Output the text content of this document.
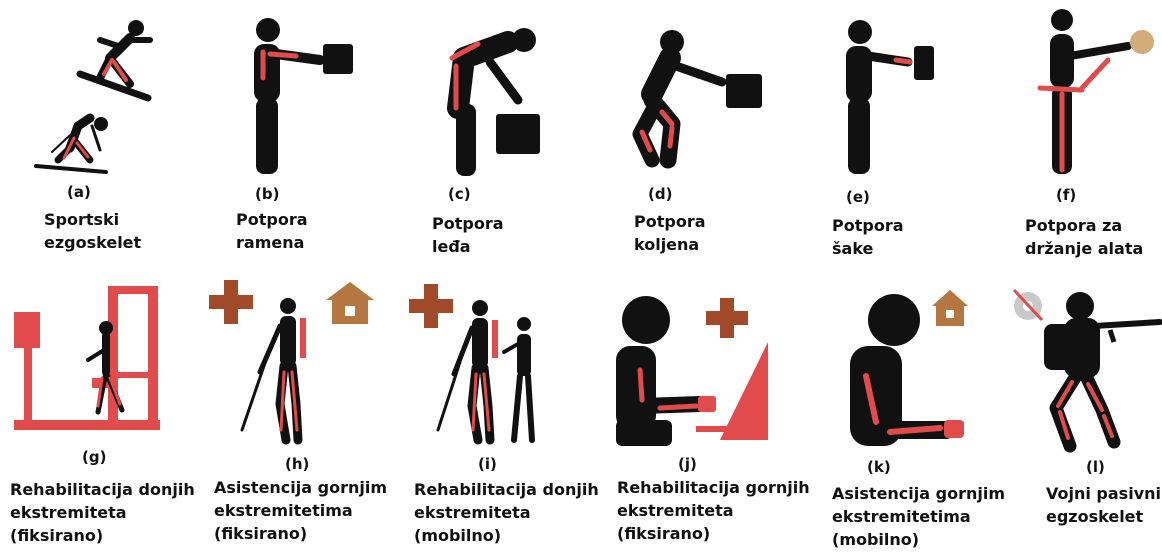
(a)
Sportski
ezgoskelet
(b)
Potpora
ramena
(c)
Potpora
leđa
(d)
Potpora
koljena
(e)
Potpora
šake
(f)
Potpora za
držanje alata
(g)
Rehabilitacija donjih
ekstremiteta
(fiksirano)
(h)
Asistencija gornjim
ekstremitetima
(fiksirano)
(i)
Rehabilitacija donjih
ekstremiteta
(mobilno)
(j)
Rehabilitacija gornjih
ekstremiteta
(fiksirano)
(k)
Asistencija gornjim
ekstremitetima
(mobilno)
(l)
Vojni pasivni
egzoskelet
